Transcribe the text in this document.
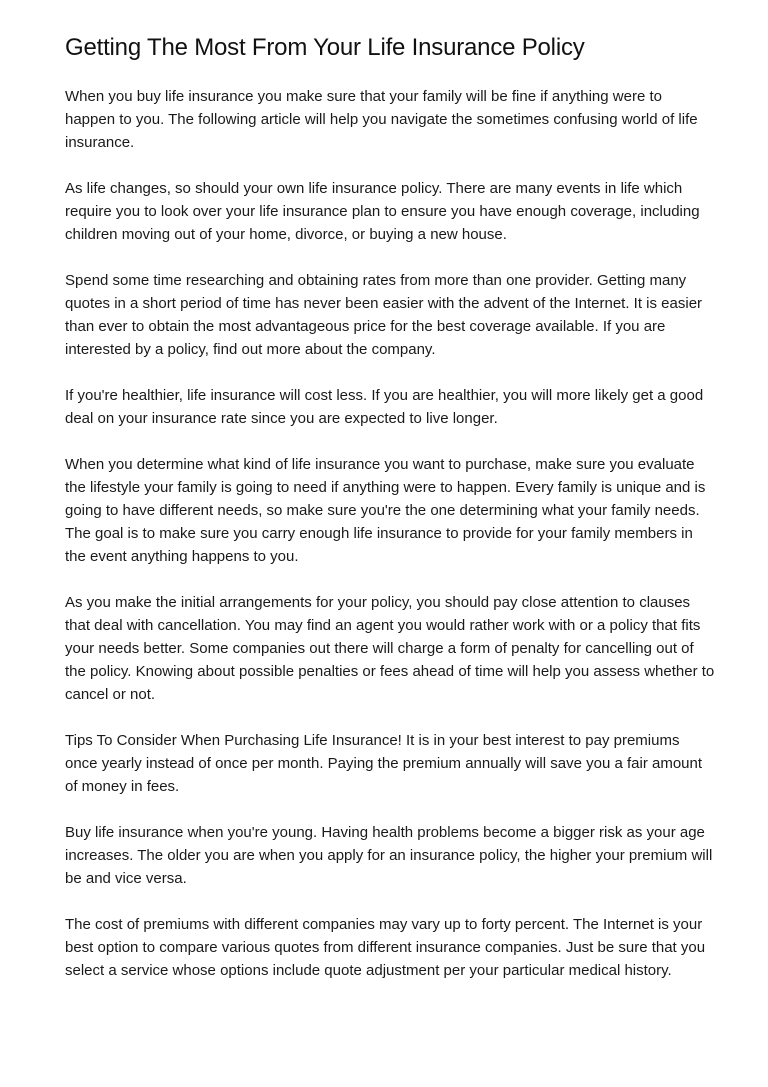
Getting The Most From Your Life Insurance Policy

When you buy life insurance you make sure that your family will be fine if anything were to happen to you. The following article will help you navigate the sometimes confusing world of life insurance.

As life changes, so should your own life insurance policy. There are many events in life which require you to look over your life insurance plan to ensure you have enough coverage, including children moving out of your home, divorce, or buying a new house.

Spend some time researching and obtaining rates from more than one provider. Getting many quotes in a short period of time has never been easier with the advent of the Internet. It is easier than ever to obtain the most advantageous price for the best coverage available. If you are interested by a policy, find out more about the company.

If you're healthier, life insurance will cost less. If you are healthier, you will more likely get a good deal on your insurance rate since you are expected to live longer.

When you determine what kind of life insurance you want to purchase, make sure you evaluate the lifestyle your family is going to need if anything were to happen. Every family is unique and is going to have different needs, so make sure you're the one determining what your family needs. The goal is to make sure you carry enough life insurance to provide for your family members in the event anything happens to you.

As you make the initial arrangements for your policy, you should pay close attention to clauses that deal with cancellation. You may find an agent you would rather work with or a policy that fits your needs better. Some companies out there will charge a form of penalty for cancelling out of the policy. Knowing about possible penalties or fees ahead of time will help you assess whether to cancel or not.

Tips To Consider When Purchasing Life Insurance! It is in your best interest to pay premiums once yearly instead of once per month. Paying the premium annually will save you a fair amount of money in fees.

Buy life insurance when you're young. Having health problems become a bigger risk as your age increases. The older you are when you apply for an insurance policy, the higher your premium will be and vice versa.

The cost of premiums with different companies may vary up to forty percent. The Internet is your best option to compare various quotes from different insurance companies. Just be sure that you select a service whose options include quote adjustment per your particular medical history.
